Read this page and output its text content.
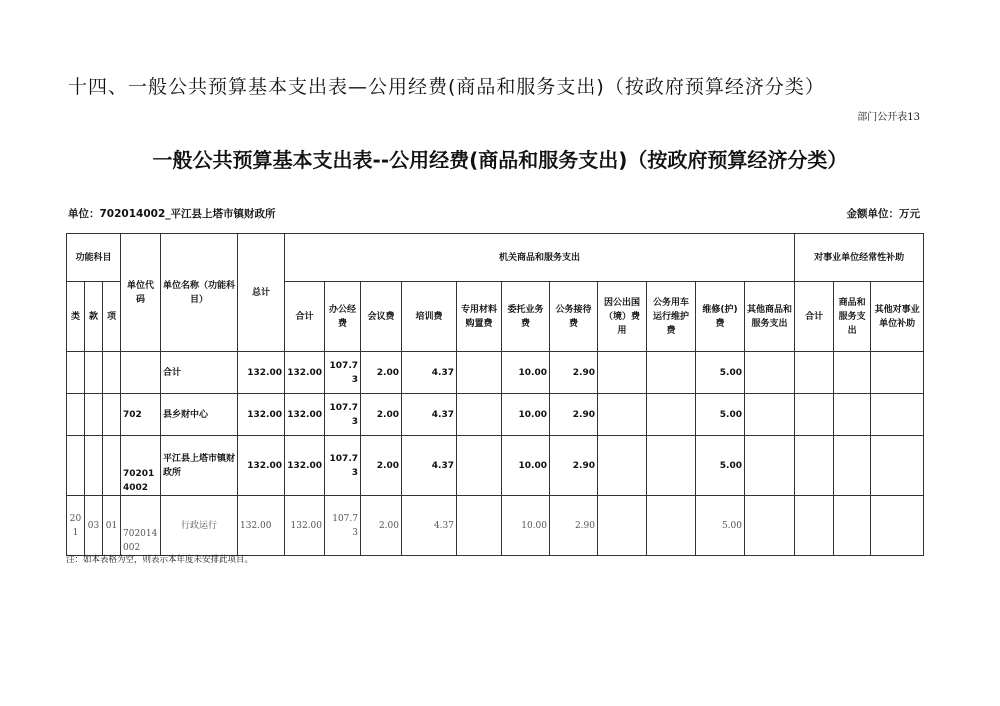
十四、一般公共预算基本支出表—公用经费(商品和服务支出)（按政府预算经济分类）
部门公开表13
一般公共预算基本支出表--公用经费(商品和服务支出)（按政府预算经济分类）
单位：702014002_平江县上塔市镇财政所	金额单位：万元
功能科目			单位代码	单位名称（功能科目）	总计	机关商品和服务支出											对事业单位经常性补助		
类	款	项				合计	办公经费	会议费	培训费	专用材料购置费	委托业务费	公务接待费	因公出国（境）费用	公务用车运行维护费	维修(护)费	其他商品和服务支出	合计	商品和服务支出	其他对事业单位补助
				合计	132.00	132.00	107.73	2.00	4.37		10.00	2.90			5.00				
			702	县乡财中心	132.00	132.00	107.73	2.00	4.37		10.00	2.90			5.00				
			702014002	平江县上塔市镇财政所	132.00	132.00	107.73	2.00	4.37		10.00	2.90			5.00				
201	03	01	702014002	行政运行	132.00	132.00	107.73	2.00	4.37		10.00	2.90			5.00				
注：如本表格为空，则表示本年度未安排此项目。
